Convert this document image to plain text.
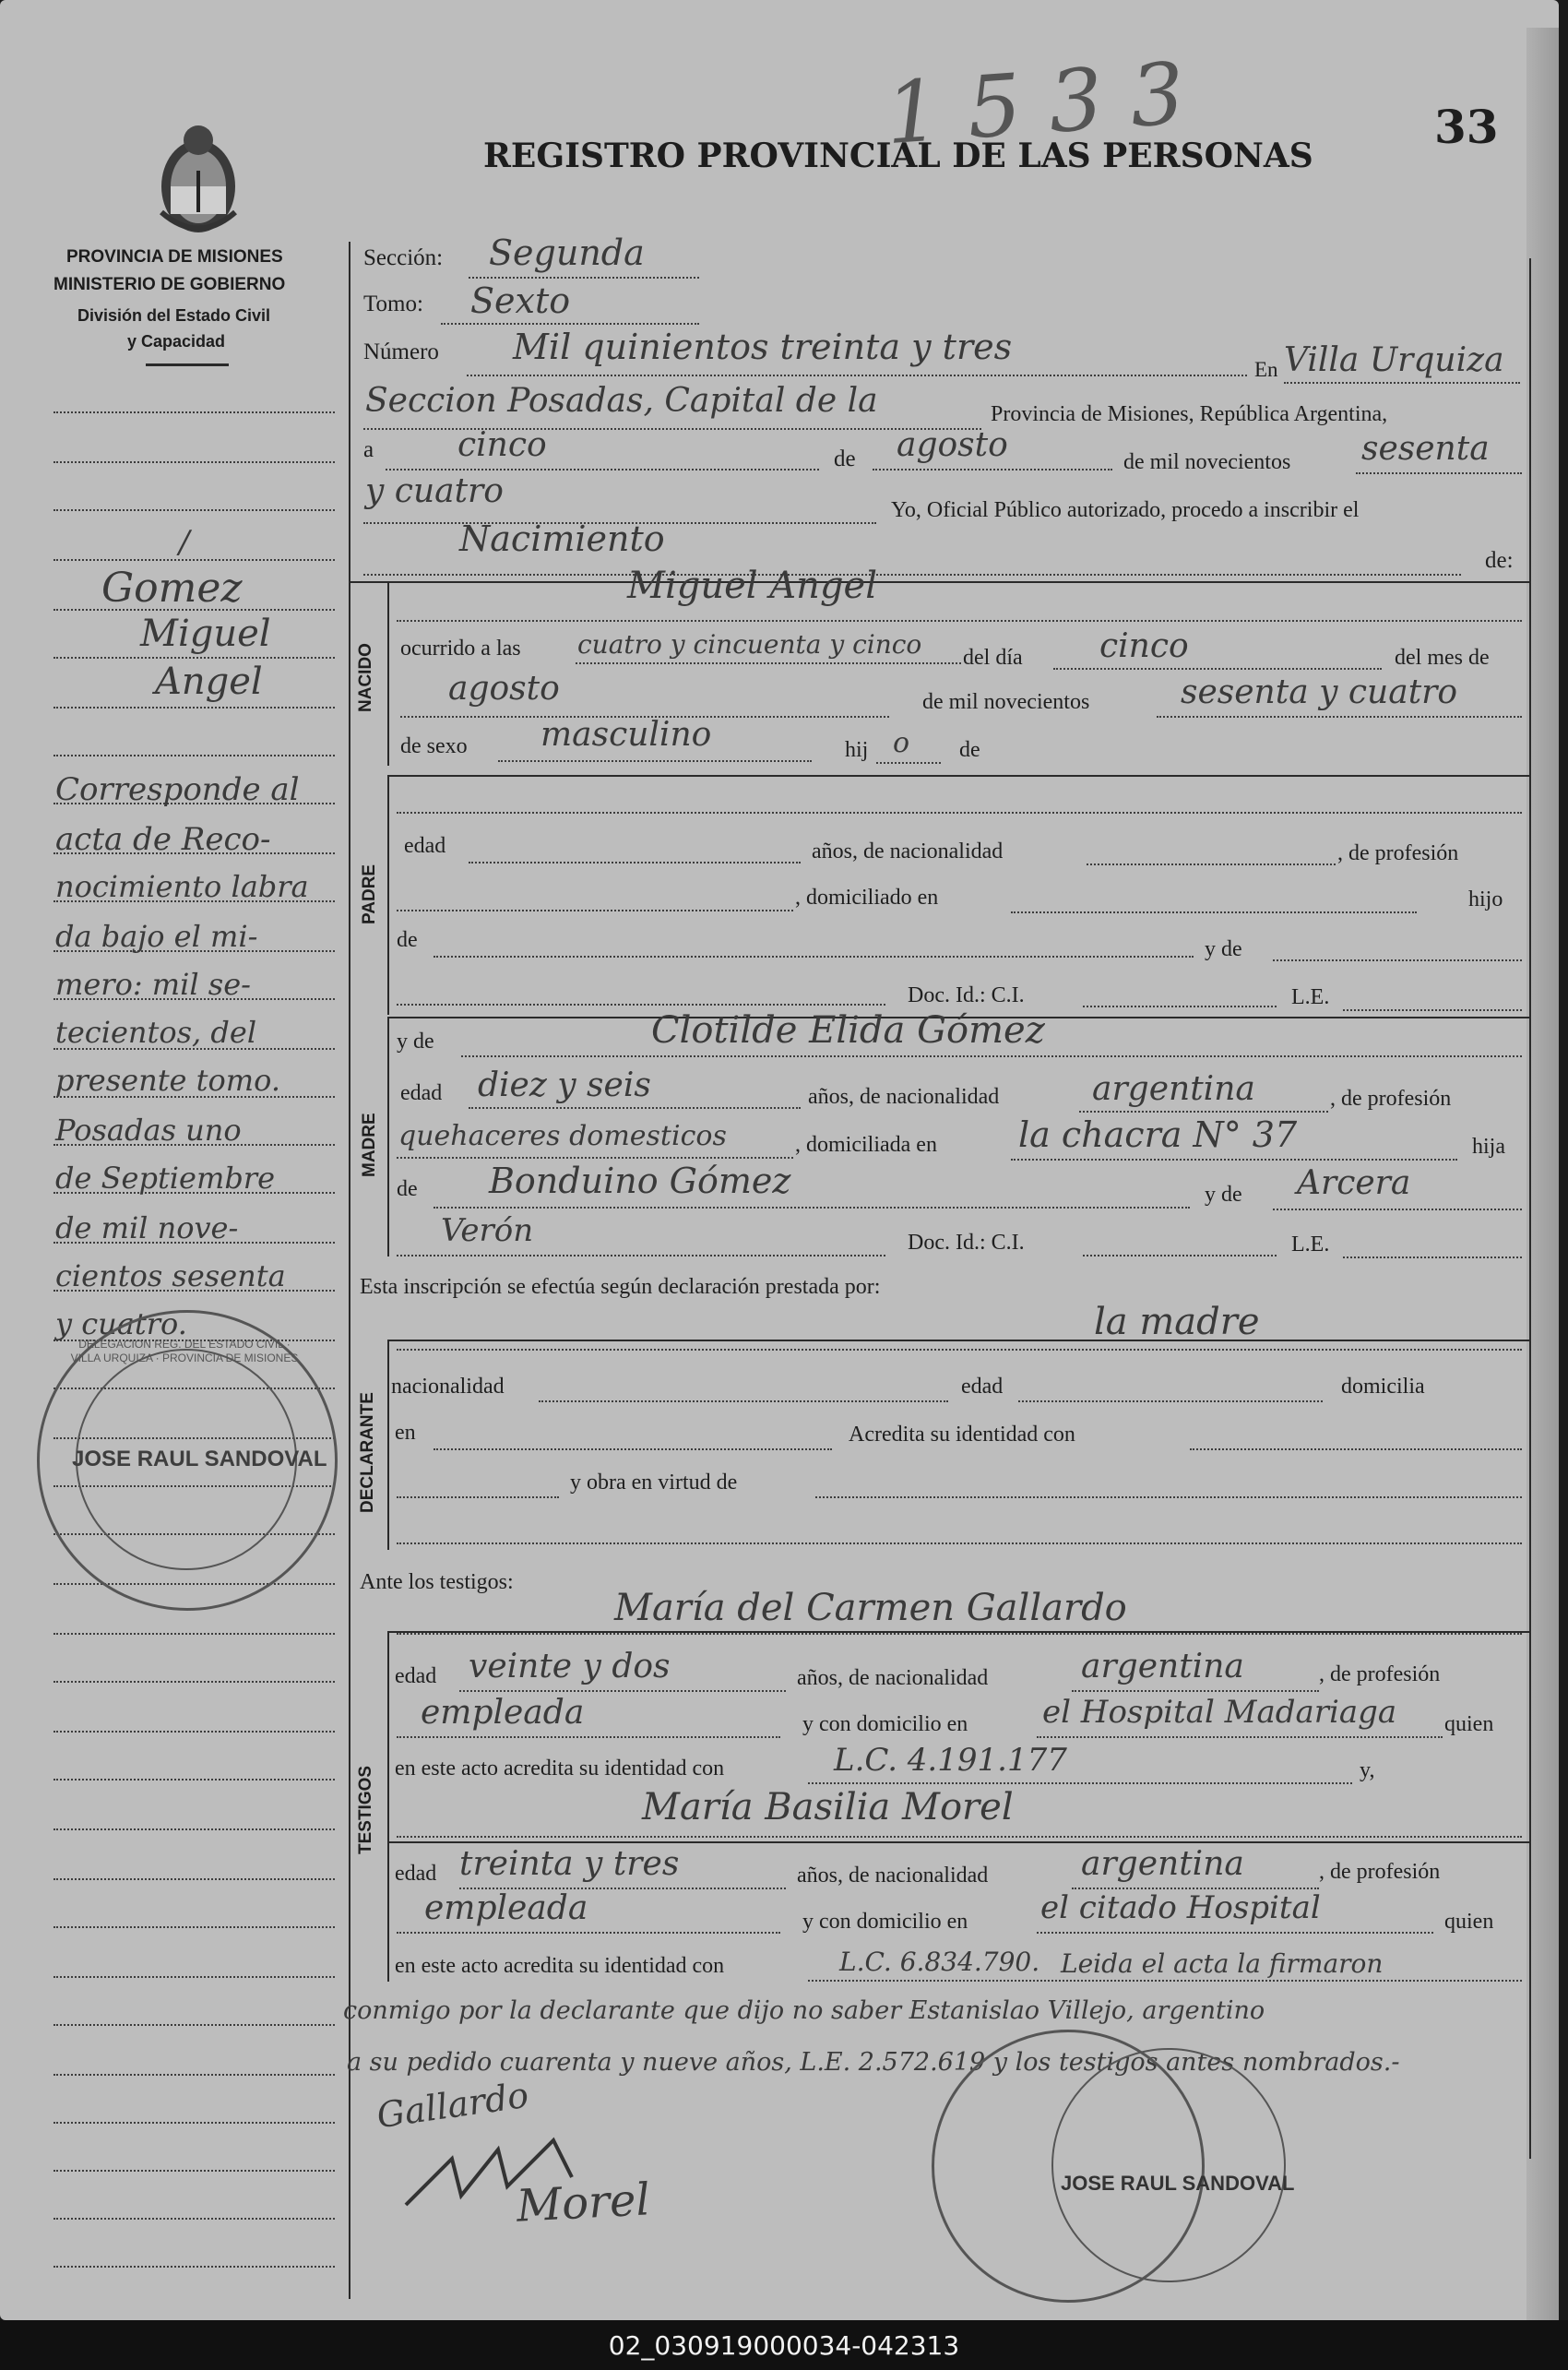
1533	33
REGISTRO PROVINCIAL DE LAS PERSONAS
PROVINCIA DE MISIONES
MINISTERIO DE GOBIERNO
División del Estado Civil
y Capacidad
/
Gomez
Miguel
Angel
Corresponde al
acta de Reco-
nocimiento labra
da bajo el mi-
mero: mil se-
tecientos, del
presente tomo.
Posadas uno
de Septiembre
de mil nove-
cientos sesenta
y cuatro.
DELEGACION REG. DEL ESTADO CIVIL · VILLA URQUIZA · PROVINCIA DE MISIONES
JOSE RAUL SANDOVAL
Sección: Segunda
Tomo: Sexto
Número Mil quinientos treinta y tres
En Villa Urquiza
Seccion Posadas, Capital de la	Provincia de Misiones, República Argentina,
a	cinco	de agosto	de mil novecientos sesenta
y cuatro	Yo, Oficial Público autorizado, procedo a inscribir el
Nacimiento
de:
NACIDO
Miguel Angel
ocurrido a las cuatro y cincuenta y cinco del día cinco	del mes de
agosto	de mil novecientos	sesenta y cuatro
de sexo masculino	hij o de
PADRE
edad	años, de nacionalidad	, de profesión
, domiciliado en	hijo
de	y de
Doc. Id.: C.I.	L.E.
MADRE
y de	Clotilde Elida Gómez
edad diez y seis	años, de nacionalidad	argentina	, de profesión
quehaceres domesticos	, domiciliada en la chacra N° 37	hija
de Bonduino Gómez	y de Arcera
Verón	Doc. Id.: C.I.	L.E.
Esta inscripción se efectúa según declaración prestada por:
DECLARANTE
la madre
nacionalidad	edad	domicilia
en	Acredita su identidad con
y obra en virtud de
Ante los testigos:
TESTIGOS
María del Carmen Gallardo
edad veinte y dos	años, de nacionalidad	argentina	, de profesión
empleada	y con domicilio en el Hospital Madariaga quien
en este acto acredita su identidad con	L.C. 4.191.177	y,
María Basilia Morel
edad treinta y tres	años, de nacionalidad	argentina	, de profesión
empleada	y con domicilio en el citado Hospital	quien
en este acto acredita su identidad con	L.C. 6.834.790. Leida el acta la firmaron
conmigo por la declarante que dijo no saber Estanislao Villejo, argentino
a su pedido cuarenta y nueve años, L.E. 2.572.619 y los testigos antes nombrados.-
Gallardo
Morel	JOSE RAUL SANDOVAL
02_030919000034-042313
